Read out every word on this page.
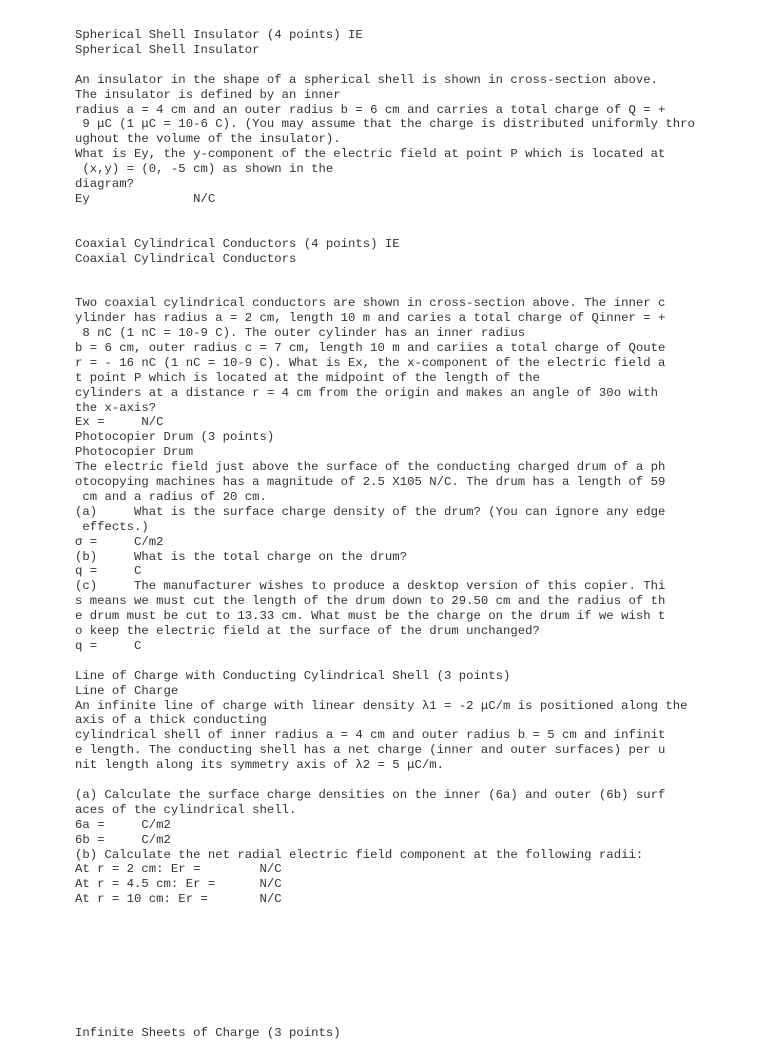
Spherical Shell Insulator (4 points) IE
Spherical Shell Insulator
An insulator in the shape of a spherical shell is shown in cross-section above.
The insulator is defined by an inner
radius a = 4 cm and an outer radius b = 6 cm and carries a total charge of Q = +
9 μC (1 μC = 10-6 C). (You may assume that the charge is distributed uniformly thro
ughout the volume of the insulator).
What is Ey, the y-component of the electric field at point P which is located at
(x,y) = (0, -5 cm) as shown in the
diagram?
Ey              N/C
Coaxial Cylindrical Conductors (4 points) IE
Coaxial Cylindrical Conductors
Two coaxial cylindrical conductors are shown in cross-section above. The inner c
ylinder has radius a = 2 cm, length 10 m and caries a total charge of Qinner = +
8 nC (1 nC = 10-9 C). The outer cylinder has an inner radius
b = 6 cm, outer radius c = 7 cm, length 10 m and cariies a total charge of Qoute
r = - 16 nC (1 nC = 10-9 C). What is Ex, the x-component of the electric field a
t point P which is located at the midpoint of the length of the
cylinders at a distance r = 4 cm from the origin and makes an angle of 30o with
the x-axis?
Ex =     N/C
Photocopier Drum (3 points)
Photocopier Drum
The electric field just above the surface of the conducting charged drum of a ph
otocopying machines has a magnitude of 2.5 X105 N/C. The drum has a length of 59
cm and a radius of 20 cm.
(a)     What is the surface charge density of the drum? (You can ignore any edge
effects.)
σ =     C/m2
(b)     What is the total charge on the drum?
q =     C
(c)     The manufacturer wishes to produce a desktop version of this copier. Thi
s means we must cut the length of the drum down to 29.50 cm and the radius of th
e drum must be cut to 13.33 cm. What must be the charge on the drum if we wish t
o keep the electric field at the surface of the drum unchanged?
q =     C
Line of Charge with Conducting Cylindrical Shell (3 points)
Line of Charge
An infinite line of charge with linear density λ1 = -2 μC/m is positioned along the
axis of a thick conducting
cylindrical shell of inner radius a = 4 cm and outer radius b = 5 cm and infinit
e length. The conducting shell has a net charge (inner and outer surfaces) per u
nit length along its symmetry axis of λ2 = 5 μC/m.
(a) Calculate the surface charge densities on the inner (6a) and outer (6b) surf
aces of the cylindrical shell.
6a =     C/m2
6b =     C/m2
(b) Calculate the net radial electric field component at the following radii:
At r = 2 cm: Er =        N/C
At r = 4.5 cm: Er =      N/C
At r = 10 cm: Er =       N/C
Infinite Sheets of Charge (3 points)
